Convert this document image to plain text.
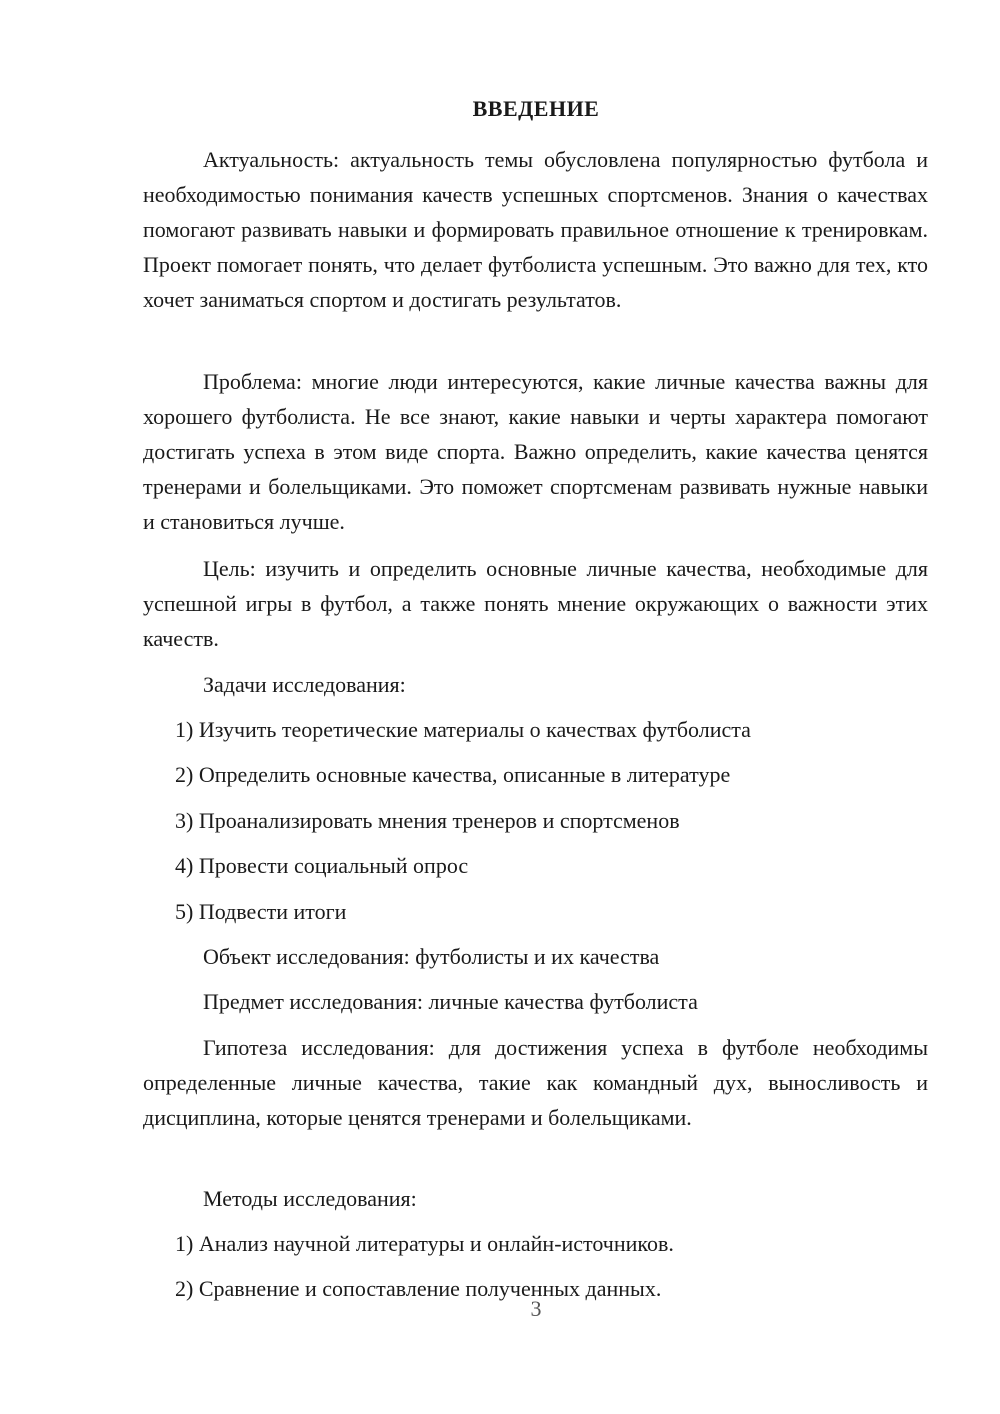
ВВЕДЕНИЕ

Актуальность: актуальность темы обусловлена популярностью футбола и необходимостью понимания качеств успешных спортсменов. Знания о качествах помогают развивать навыки и формировать правильное отношение к тренировкам. Проект помогает понять, что делает футболиста успешным. Это важно для тех, кто хочет заниматься спортом и достигать результатов.

Проблема: многие люди интересуются, какие личные качества важны для хорошего футболиста. Не все знают, какие навыки и черты характера помогают достигать успеха в этом виде спорта. Важно определить, какие качества ценятся тренерами и болельщиками. Это поможет спортсменам развивать нужные навыки и становиться лучше.

Цель: изучить и определить основные личные качества, необходимые для успешной игры в футбол, а также понять мнение окружающих о важности этих качеств.

Задачи исследования:

1) Изучить теоретические материалы о качествах футболиста

2) Определить основные качества, описанные в литературе

3) Проанализировать мнения тренеров и спортсменов

4) Провести социальный опрос

5) Подвести итоги

Объект исследования: футболисты и их качества

Предмет исследования: личные качества футболиста

Гипотеза исследования: для достижения успеха в футболе необходимы определенные личные качества, такие как командный дух, выносливость и дисциплина, которые ценятся тренерами и болельщиками.

Методы исследования:

1) Анализ научной литературы и онлайн-источников.

2) Сравнение и сопоставление полученных данных.

3
